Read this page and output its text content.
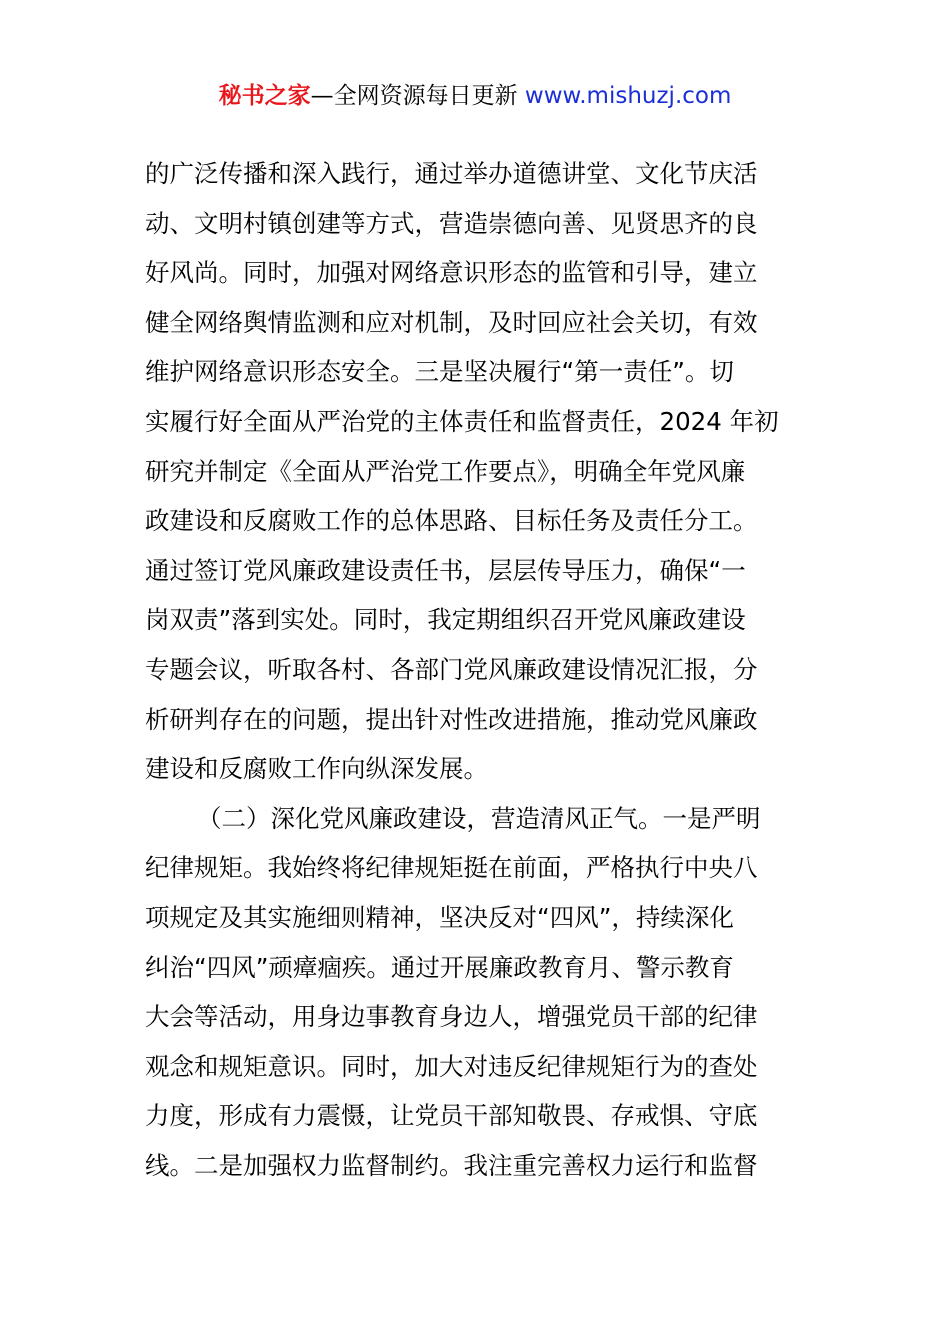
秘书之家—全网资源每日更新 www.mishuzj.com
的广泛传播和深入践行，通过举办道德讲堂、文化节庆活
动、文明村镇创建等方式，营造崇德向善、见贤思齐的良
好风尚。同时，加强对网络意识形态的监管和引导，建立
健全网络舆情监测和应对机制，及时回应社会关切，有效
维护网络意识形态安全。三是坚决履行“第一责任”。切
实履行好全面从严治党的主体责任和监督责任，2024 年初
研究并制定《全面从严治党工作要点》，明确全年党风廉
政建设和反腐败工作的总体思路、目标任务及责任分工。
通过签订党风廉政建设责任书，层层传导压力，确保“一
岗双责”落到实处。同时，我定期组织召开党风廉政建设
专题会议，听取各村、各部门党风廉政建设情况汇报，分
析研判存在的问题，提出针对性改进措施，推动党风廉政
建设和反腐败工作向纵深发展。
（二）深化党风廉政建设，营造清风正气。一是严明
纪律规矩。我始终将纪律规矩挺在前面，严格执行中央八
项规定及其实施细则精神，坚决反对“四风”，持续深化
纠治“四风”顽瘴痼疾。通过开展廉政教育月、警示教育
大会等活动，用身边事教育身边人，增强党员干部的纪律
观念和规矩意识。同时，加大对违反纪律规矩行为的查处
力度，形成有力震慑，让党员干部知敬畏、存戒惧、守底
线。二是加强权力监督制约。我注重完善权力运行和监督
